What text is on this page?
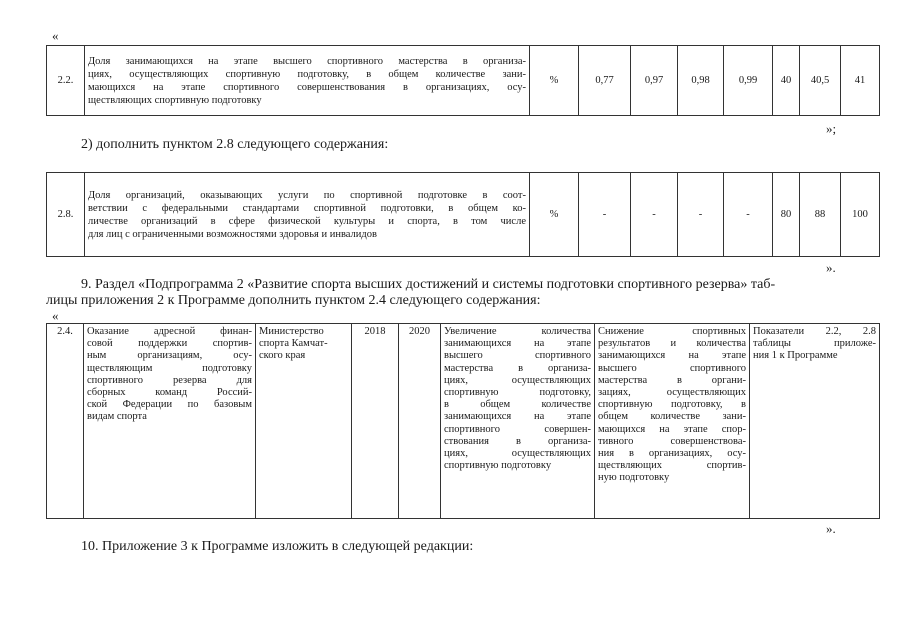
«
2.2.	
Доля занимающихся на этапе высшего спортивного мастерства в организа-
циях, осуществляющих спортивную подготовку, в общем количестве зани-
мающихся на этапе спортивного совершенствования в организациях, осу-
ществляющих спортивную подготовку
	%	0,77	0,97	0,98	0,99	40	40,5	41
»;
2) дополнить пунктом 2.8 следующего содержания:
2.8.	
Доля организаций, оказывающих услуги по спортивной подготовке в соот-
ветствии с федеральными стандартами спортивной подготовки, в общем ко-
личестве организаций в сфере физической культуры и спорта, в том числе
для лиц с ограниченными возможностями здоровья и инвалидов
	%	-	-	-	-	80	88	100
».
9. Раздел «Подпрограмма 2 «Развитие спорта высших достижений и системы подготовки спортивного резерва» таб-
лицы приложения 2 к Программе дополнить пунктом 2.4 следующего содержания:
«
2.4.	Оказание адресной финан-
совой поддержки спортив-
ным организациям, осу-
ществляющим подготовку
спортивного резерва для
сборных команд Россий-
ской Федерации по базовым
видам спорта

Министерство
спорта Камчат-
ского края
	2018	2020	Увеличение количества
занимающихся на этапе
высшего спортивного
мастерства в организа-
циях, осуществляющих
спортивную подготовку,
в общем количестве
занимающихся на этапе
спортивного совершен-
ствования в организа-
циях, осуществляющих
спортивную подготовку

Снижение спортивных
результатов и количества
занимающихся на этапе
высшего спортивного
мастерства в органи-
зациях, осуществляющих
спортивную подготовку, в
общем количестве зани-
мающихся на этапе спор-
тивного совершенствова-
ния в организациях, осу-
ществляющих спортив-
ную подготовку

Показатели 2.2, 2.8
таблицы приложе-
ния 1 к Программе
».
10. Приложение 3 к Программе изложить в следующей редакции:
